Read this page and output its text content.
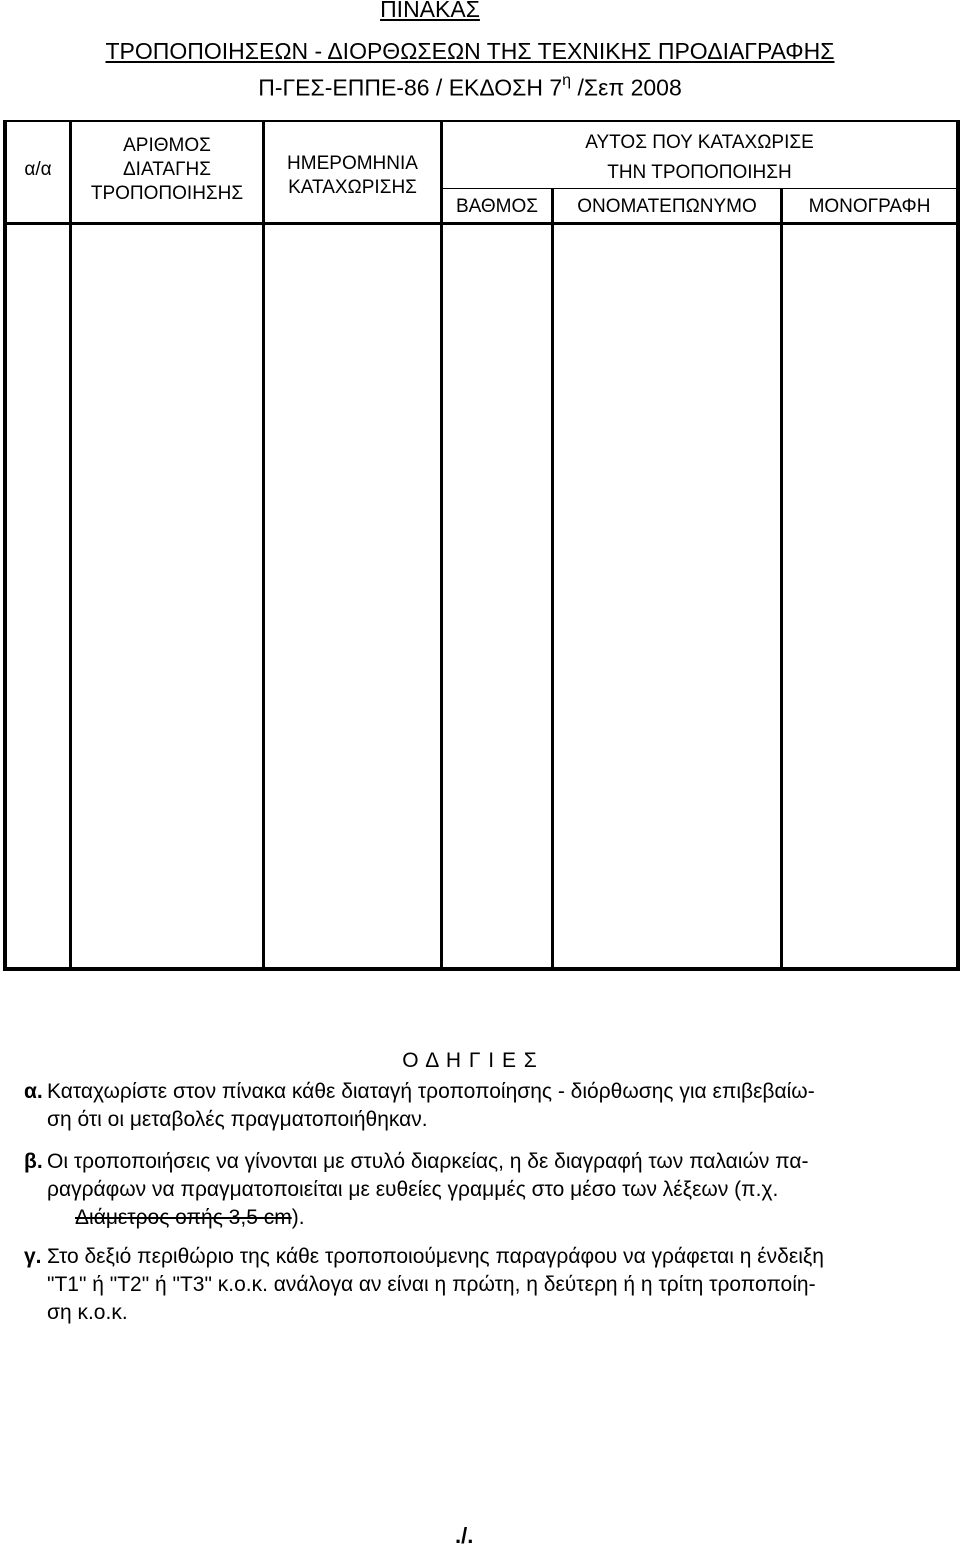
ΠΙΝΑΚΑΣ
ΤΡΟΠΟΠΟΙΗΣΕΩΝ - ΔΙΟΡΘΩΣΕΩΝ ΤΗΣ ΤΕΧΝΙΚΗΣ ΠΡΟΔΙΑΓΡΑΦΗΣ
Π-ΓΕΣ-ΕΠΠΕ-86 / ΕΚΔΟΣΗ $7^\eta$ /Σεπ 2008
α/α
ΑΡΙΘΜΟΣ
ΔΙΑΤΑΓΗΣ
ΤΡΟΠΟΠΟΙΗΣΗΣ
ΗΜΕΡΟΜΗΝΙΑ
ΚΑΤΑΧΩΡΙΣΗΣ
ΑΥΤΟΣ ΠΟΥ ΚΑΤΑΧΩΡΙΣΕ
ΤΗΝ ΤΡΟΠΟΠΟΙΗΣΗ
ΒΑΘΜΟΣ	ΟΝΟΜΑΤΕΠΩΝΥΜΟ	ΜΟΝΟΓΡΑΦΗ
Ο Δ Η Γ Ι Ε Σ
α. Καταχωρίστε στον πίνακα κάθε διαταγή τροποποίησης - διόρθωσης για επιβεβαίω-
ση ότι οι μεταβολές πραγματοποιήθηκαν.
β. Οι τροποποιήσεις να γίνονται με στυλό διαρκείας, η δε διαγραφή των παλαιών πα-
ραγράφων να πραγματοποιείται με ευθείες γραμμές στο μέσο των λέξεων (π.χ.
Διάμετρος οπής 3,5 cm).
γ. Στο δεξιό περιθώριο της κάθε τροποποιούμενης παραγράφου να γράφεται η ένδειξη
"Τ1" ή "Τ2" ή "Τ3" κ.ο.κ. ανάλογα αν είναι η πρώτη, η δεύτερη ή η τρίτη τροποποίη-
ση κ.ο.κ.
./.
